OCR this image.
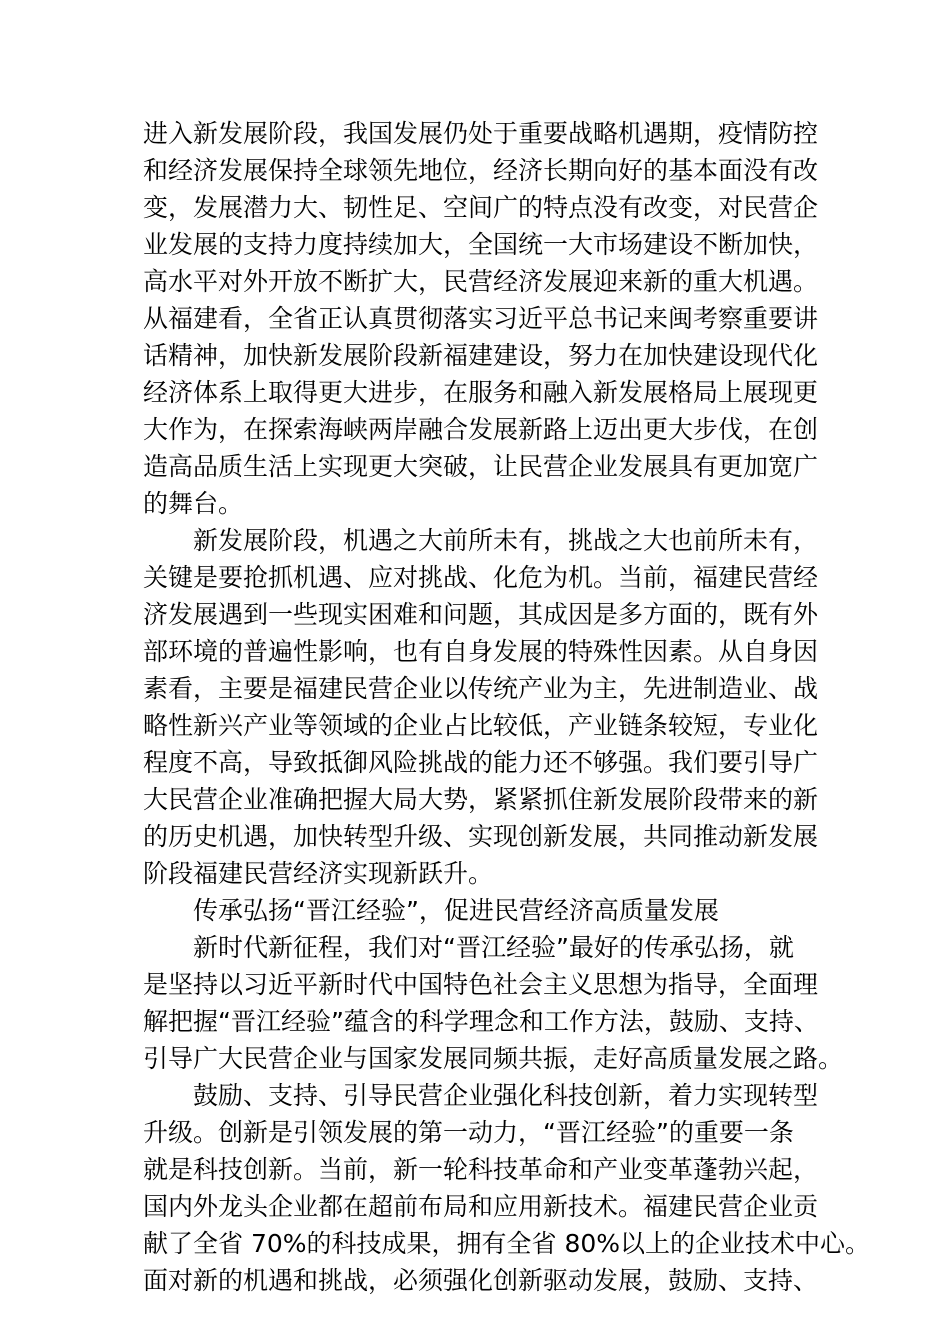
进入新发展阶段，我国发展仍处于重要战略机遇期，疫情防控
和经济发展保持全球领先地位，经济长期向好的基本面没有改
变，发展潜力大、韧性足、空间广的特点没有改变，对民营企
业发展的支持力度持续加大，全国统一大市场建设不断加快，
高水平对外开放不断扩大，民营经济发展迎来新的重大机遇。
从福建看，全省正认真贯彻落实习近平总书记来闽考察重要讲
话精神，加快新发展阶段新福建建设，努力在加快建设现代化
经济体系上取得更大进步，在服务和融入新发展格局上展现更
大作为，在探索海峡两岸融合发展新路上迈出更大步伐，在创
造高品质生活上实现更大突破，让民营企业发展具有更加宽广
的舞台。
新发展阶段，机遇之大前所未有，挑战之大也前所未有，
关键是要抢抓机遇、应对挑战、化危为机。当前，福建民营经
济发展遇到一些现实困难和问题，其成因是多方面的，既有外
部环境的普遍性影响，也有自身发展的特殊性因素。从自身因
素看，主要是福建民营企业以传统产业为主，先进制造业、战
略性新兴产业等领域的企业占比较低，产业链条较短，专业化
程度不高，导致抵御风险挑战的能力还不够强。我们要引导广
大民营企业准确把握大局大势，紧紧抓住新发展阶段带来的新
的历史机遇，加快转型升级、实现创新发展，共同推动新发展
阶段福建民营经济实现新跃升。
传承弘扬“晋江经验”，促进民营经济高质量发展
新时代新征程，我们对“晋江经验”最好的传承弘扬，就
是坚持以习近平新时代中国特色社会主义思想为指导，全面理
解把握“晋江经验”蕴含的科学理念和工作方法，鼓励、支持、
引导广大民营企业与国家发展同频共振，走好高质量发展之路。
鼓励、支持、引导民营企业强化科技创新，着力实现转型
升级。创新是引领发展的第一动力，“晋江经验”的重要一条
就是科技创新。当前，新一轮科技革命和产业变革蓬勃兴起，
国内外龙头企业都在超前布局和应用新技术。福建民营企业贡
献了全省 70%的科技成果，拥有全省 80%以上的企业技术中心。
面对新的机遇和挑战，必须强化创新驱动发展，鼓励、支持、
